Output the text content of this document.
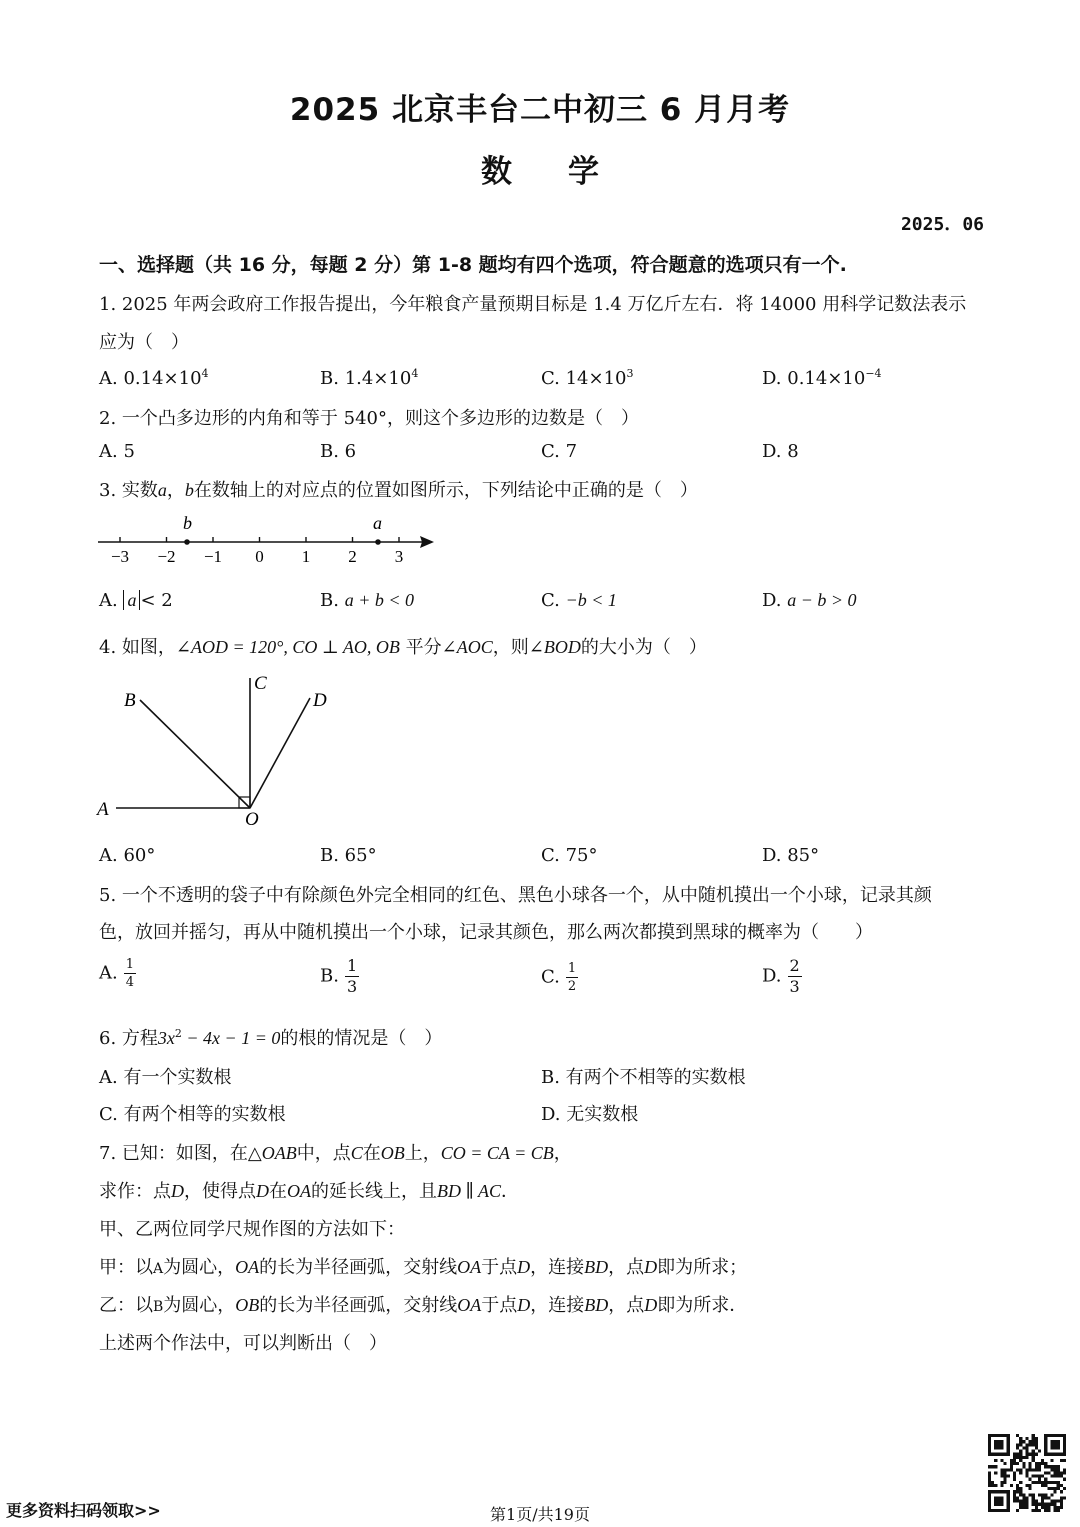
2025 北京丰台二中初三 6 月月考
数 学
2025．06
一、选择题（共 16 分，每题 2 分）第 1-8 题均有四个选项，符合题意的选项只有一个.
1. 2025 年两会政府工作报告提出，今年粮食产量预期目标是 1.4 万亿斤左右．将 14000 用科学记数法表示
应为（　）
A. $0.14\times 10^4$	B. $1.4\times 10^4$	C. $14\times 10^3$	D. $0.14\times 10^{-4}$
2. 一个凸多边形的内角和等于 540°，则这个多边形的边数是（　）
A. 5	B. 6	C. 7	D. 8
3. 实数a，b在数轴上的对应点的位置如图所示，下列结论中正确的是（　）
−3 −2 −1 0 1 2 3
b	a
A. a < 2	B. a + b < 0	C. −b < 1	D. a − b > 0
4. 如图，∠AOD = 120°, CO ⊥ AO, OB 平分∠AOC，则∠BOD的大小为（　）
A
B
C
D
O
A. 60°	B. 65°	C. 75°	D. 85°
5. 一个不透明的袋子中有除颜色外完全相同的红色、黑色小球各一个，从中随机摸出一个小球，记录其颜
色，放回并摇匀，再从中随机摸出一个小球，记录其颜色，那么两次都摸到黑球的概率为（　　）
A. $\frac{1}{4}$	B. $\frac{1}{3}$	C. $\frac{1}{2}$	D. $\frac{2}{3}$
6. 方程$3x^2 - 4x - 1 = 0$的根的情况是（　）
A. 有一个实数根	B. 有两个不相等的实数根
C. 有两个相等的实数根	D. 无实数根
7. 已知：如图，在△OAB中，点C在OB上，CO = CA = CB，
求作：点D，使得点D在OA的延长线上，且BD ∥ AC．
甲、乙两位同学尺规作图的方法如下：
甲：以A为圆心，OA的长为半径画弧，交射线OA于点D，连接BD，点D即为所求；
乙：以B为圆心，OB的长为半径画弧，交射线OA于点D，连接BD，点D即为所求．
上述两个作法中，可以判断出（　）
更多资料扫码领取>>	第1页/共19页
